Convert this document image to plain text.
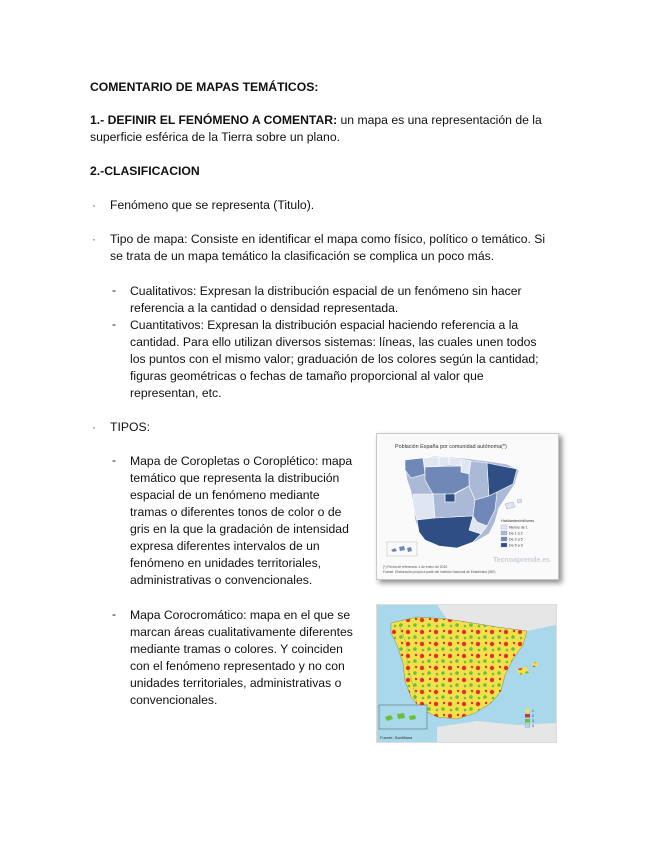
COMENTARIO DE MAPAS TEMÁTICOS:

1.- DEFINIR EL FENÓMENO A COMENTAR: un mapa es una representación de la

superficie esférica de la Tierra sobre un plano.

2.-CLASIFICACION

· Fenómeno que se representa (Titulo).

· Tipo de mapa: Consiste en identificar el mapa como físico, político o temático. Si

se trata de un mapa temático la clasificación se complica un poco más.

- Cualitativos: Expresan la distribución espacial de un fenómeno sin hacer

referencia a la cantidad o densidad representada.

- Cuantitativos: Expresan la distribución espacial haciendo referencia a la

cantidad. Para ello utilizan diversos sistemas: líneas, las cuales unen todos

los puntos con el mismo valor; graduación de los colores según la cantidad;

figuras geométricas o fechas de tamaño proporcional al valor que

representan, etc.

· TIPOS:

- Mapa de Coropletas o Coroplético: mapa

temático que representa la distribución

espacial de un fenómeno mediante

tramas o diferentes tonos de color o de

gris en la que la gradación de intensidad

expresa diferentes intervalos de un

fenómeno en unidades territoriales,

administrativas o convencionales.

- Mapa Corocromático: mapa en el que se

marcan áreas cualitativamente diferentes

mediante tramas o colores. Y coinciden

con el fenómeno representado y no con

unidades territoriales, administrativas o

convencionales.

Población España por comunidad autónoma(*)
Habitantes/millones
Menos de 1
De 1 a 2
De 2 a 5
De 5 a 9
Tecnoaprende.es
(*) Fecha de referencia: 1 de enero de 2015
Fuente: Elaboración propia a partir del Instituto Nacional de Estadística (INE)
1
2
3
4
Fuente: Santillana
